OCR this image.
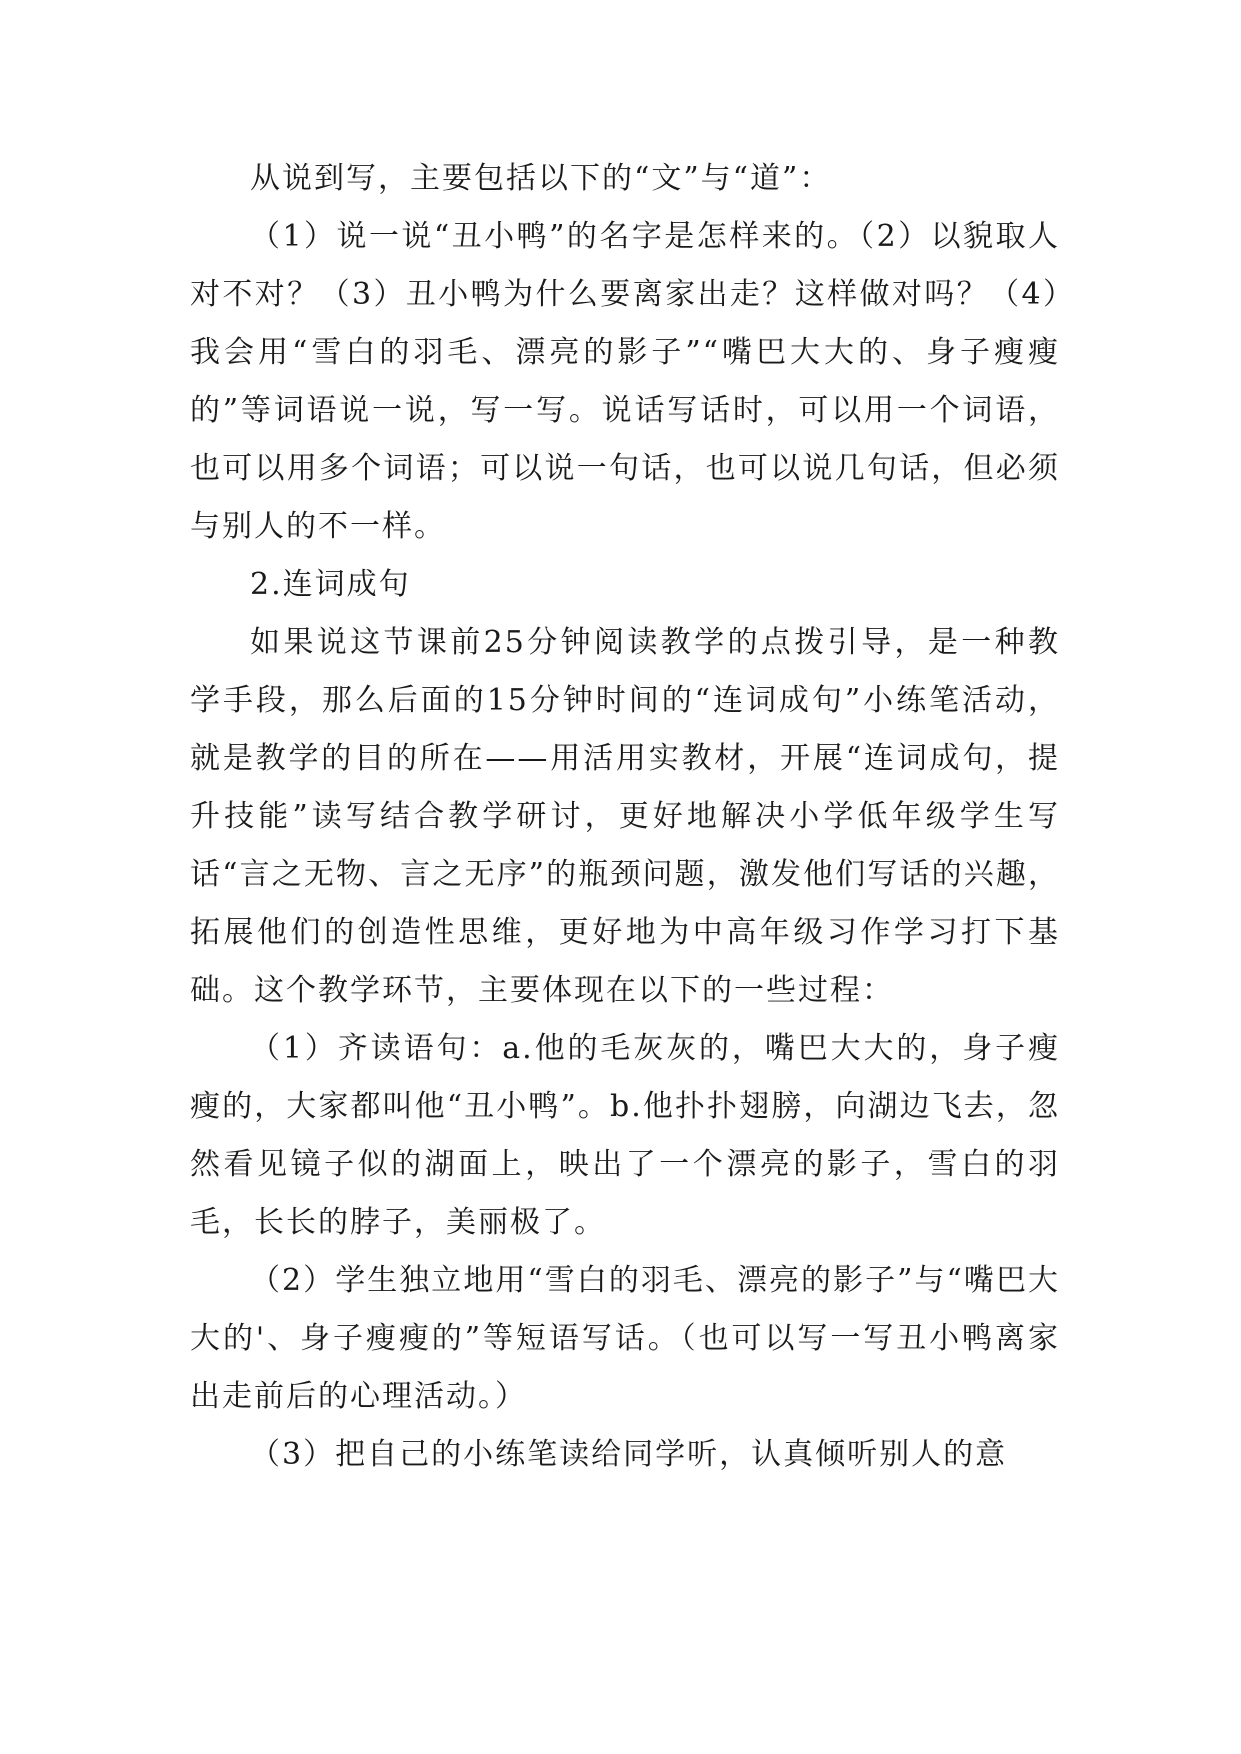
从说到写，主要包括以下的“文”与“道”：

（1）说一说“丑小鸭”的名字是怎样来的。（2）以貌取人对不对？（3）丑小鸭为什么要离家出走？这样做对吗？（4）我会用“雪白的羽毛、漂亮的影子”“嘴巴大大的、身子瘦瘦的”等词语说一说，写一写。说话写话时，可以用一个词语，也可以用多个词语；可以说一句话，也可以说几句话，但必须与别人的不一样。

2.连词成句

如果说这节课前25分钟阅读教学的点拨引导，是一种教学手段，那么后面的15分钟时间的“连词成句”小练笔活动，就是教学的目的所在——用活用实教材，开展“连词成句，提升技能”读写结合教学研讨，更好地解决小学低年级学生写话“言之无物、言之无序”的瓶颈问题，激发他们写话的兴趣，拓展他们的创造性思维，更好地为中高年级习作学习打下基础。这个教学环节，主要体现在以下的一些过程：

（1）齐读语句：a.他的毛灰灰的，嘴巴大大的，身子瘦瘦的，大家都叫他“丑小鸭”。b.他扑扑翅膀，向湖边飞去，忽然看见镜子似的湖面上，映出了一个漂亮的影子，雪白的羽毛，长长的脖子，美丽极了。

（2）学生独立地用“雪白的羽毛、漂亮的影子”与“嘴巴大大的'、身子瘦瘦的”等短语写话。（也可以写一写丑小鸭离家出走前后的心理活动。）

（3）把自己的小练笔读给同学听，认真倾听别人的意
